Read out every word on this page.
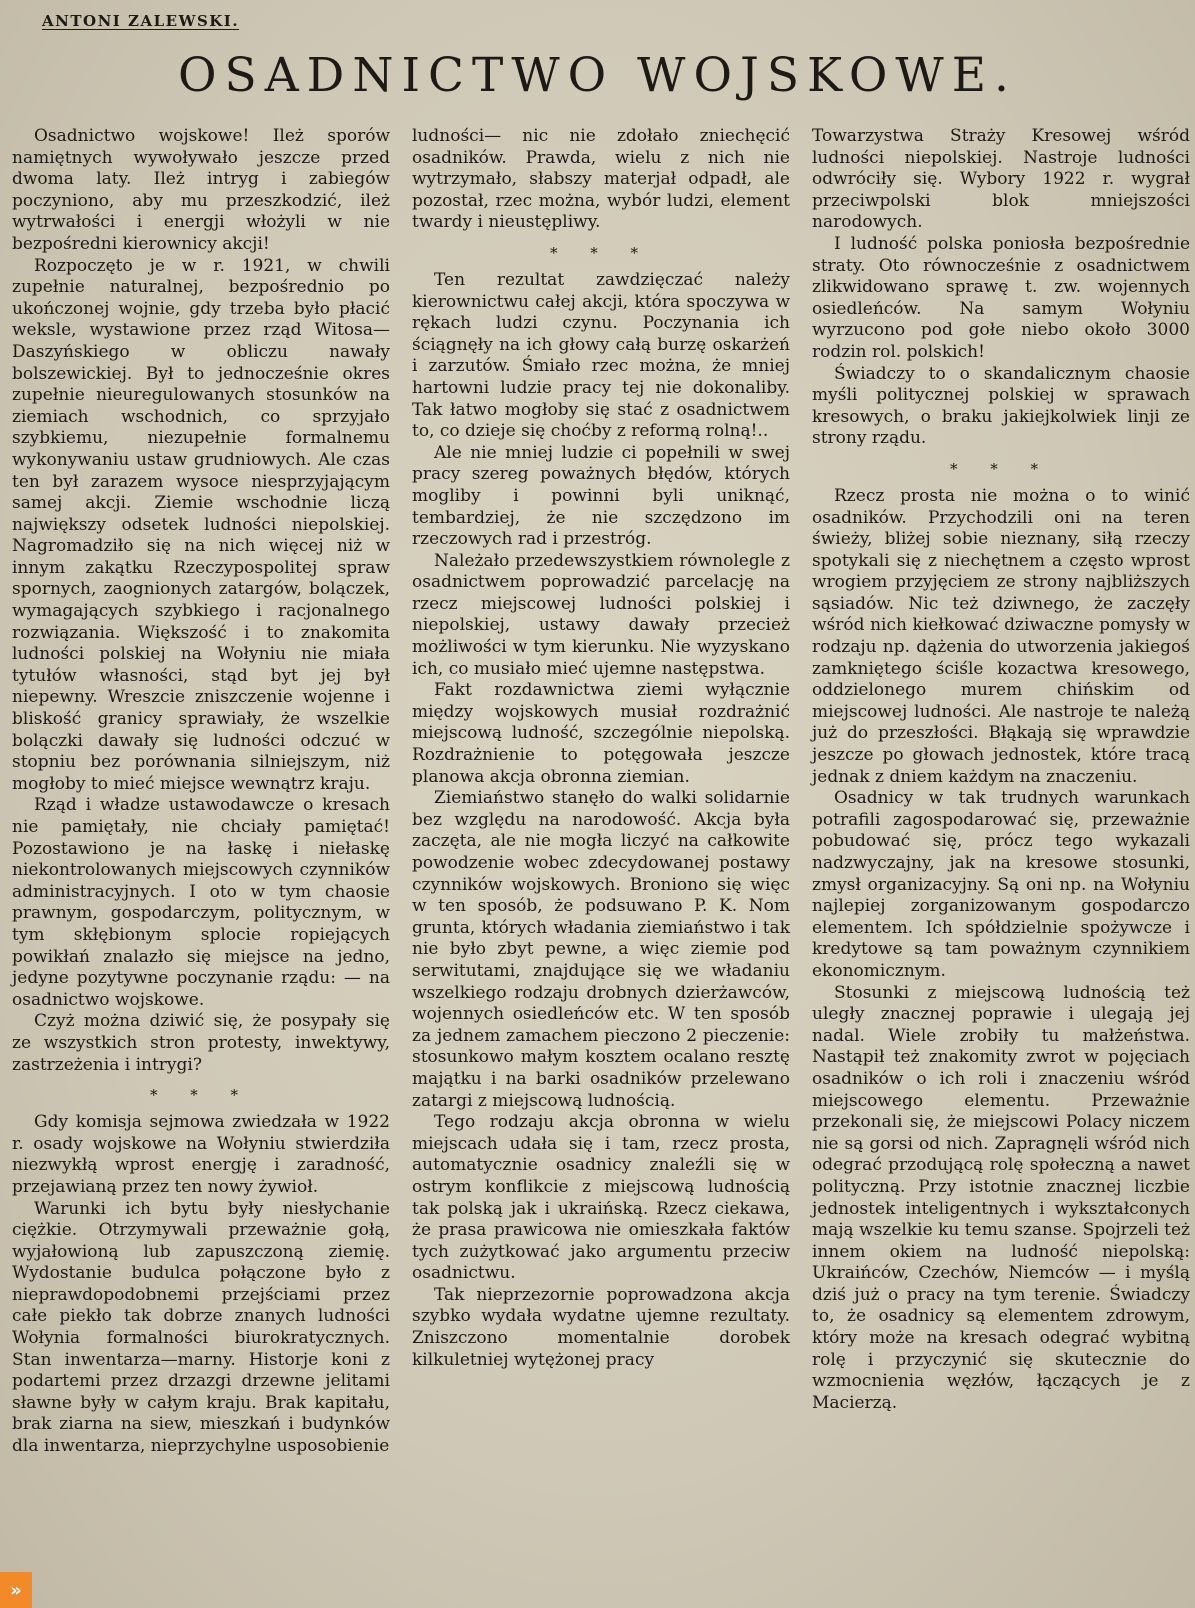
ANTONI ZALEWSKI.
OSADNICTWO WOJSKOWE.

Osadnictwo wojskowe! Ileż sporów namiętnych wywoływało jeszcze przed dwoma laty. Ileż intryg i zabiegów poczyniono, aby mu przeszkodzić, ileż wytrwałości i energji włożyli w nie bezpośredni kierownicy akcji!

Rozpoczęto je w r. 1921, w chwili zupełnie naturalnej, bezpośrednio po ukończonej wojnie, gdy trzeba było płacić weksle, wystawione przez rząd Witosa—Daszyńskiego w obliczu nawały bolszewickiej. Był to jednocześnie okres zupełnie nieuregulowanych stosunków na ziemiach wschodnich, co sprzyjało szybkiemu, niezupełnie formalnemu wykonywaniu ustaw grudniowych. Ale czas ten był zarazem wysoce niesprzyjającym samej akcji. Ziemie wschodnie liczą największy odsetek ludności niepolskiej. Nagromadziło się na nich więcej niż w innym zakątku Rzeczypospolitej spraw spornych, zaognionych zatargów, bolączek, wymagających szybkiego i racjonalnego rozwiązania. Większość i to znakomita ludności polskiej na Wołyniu nie miała tytułów własności, stąd byt jej był niepewny. Wreszcie zniszczenie wojenne i bliskość granicy sprawiały, że wszelkie bolączki dawały się ludności odczuć w stopniu bez porównania silniejszym, niż mogłoby to mieć miejsce wewnątrz kraju.

Rząd i władze ustawodawcze o kresach nie pamiętały, nie chciały pamiętać! Pozostawiono je na łaskę i niełaskę niekontrolowanych miejscowych czynników administracyjnych. I oto w tym chaosie prawnym, gospodarczym, politycznym, w tym skłębionym splocie ropiejących powikłań znalazło się miejsce na jedno, jedyne pozytywne poczynanie rządu: — na osadnictwo wojskowe.

Czyż można dziwić się, że posypały się ze wszystkich stron protesty, inwektywy, zastrzeżenia i intrygi?

* * *

Gdy komisja sejmowa zwiedzała w 1922 r. osady wojskowe na Wołyniu stwierdziła niezwykłą wprost energję i zaradność, przejawianą przez ten nowy żywioł.

Warunki ich bytu były niesłychanie ciężkie. Otrzymywali przeważnie gołą, wyjałowioną lub zapuszczoną ziemię. Wydostanie budulca połączone było z nieprawdopodobnemi przejściami przez całe piekło tak dobrze znanych ludności Wołynia formalności biurokratycznych. Stan inwentarza—marny. Historje koni z podartemi przez drzazgi drzewne jelitami sławne były w całym kraju. Brak kapitału, brak ziarna na siew, mieszkań i budynków dla inwentarza, nieprzychylne usposobienie

ludności— nic nie zdołało zniechęcić osadników. Prawda, wielu z nich nie wytrzymało, słabszy materjał odpadł, ale pozostał, rzec można, wybór ludzi, element twardy i nieustępliwy.

* * *

Ten rezultat zawdzięczać należy kierownictwu całej akcji, która spoczywa w rękach ludzi czynu. Poczynania ich ściągnęły na ich głowy całą burzę oskarżeń i zarzutów. Śmiało rzec można, że mniej hartowni ludzie pracy tej nie dokonaliby. Tak łatwo mogłoby się stać z osadnictwem to, co dzieje się choćby z reformą rolną!..

Ale nie mniej ludzie ci popełnili w swej pracy szereg poważnych błędów, których mogliby i powinni byli uniknąć, tembardziej, że nie szczędzono im rzeczowych rad i przestróg.

Należało przedewszystkiem równolegle z osadnictwem poprowadzić parcelację na rzecz miejscowej ludności polskiej i niepolskiej, ustawy dawały przecież możliwości w tym kierunku. Nie wyzyskano ich, co musiało mieć ujemne następstwa.

Fakt rozdawnictwa ziemi wyłącznie między wojskowych musiał rozdrażnić miejscową ludność, szczególnie niepolską. Rozdrażnienie to potęgowała jeszcze planowa akcja obronna ziemian.

Ziemiaństwo stanęło do walki solidarnie bez względu na narodowość. Akcja była zaczęta, ale nie mogła liczyć na całkowite powodzenie wobec zdecydowanej postawy czynników wojskowych. Broniono się więc w ten sposób, że podsuwano P. K. Nom grunta, których władania ziemiaństwo i tak nie było zbyt pewne, a więc ziemie pod serwitutami, znajdujące się we władaniu wszelkiego rodzaju drobnych dzierżawców, wojennych osiedleńców etc. W ten sposób za jednem zamachem pieczono 2 pieczenie: stosunkowo małym kosztem ocalano resztę majątku i na barki osadników przelewano zatargi z miejscową ludnością.

Tego rodzaju akcja obronna w wielu miejscach udała się i tam, rzecz prosta, automatycznie osadnicy znaleźli się w ostrym konflikcie z miejscową ludnością tak polską jak i ukraińską. Rzecz ciekawa, że prasa prawicowa nie omieszkała faktów tych zużytkować jako argumentu przeciw osadnictwu.

Tak nieprzezornie poprowadzona akcja szybko wydała wydatne ujemne rezultaty. Zniszczono momentalnie dorobek kilkuletniej wytężonej pracy

Towarzystwa Straży Kresowej wśród ludności niepolskiej. Nastroje ludności odwróciły się. Wybory 1922 r. wygrał przeciwpolski blok mniejszości narodowych.

I ludność polska poniosła bezpośrednie straty. Oto równocześnie z osadnictwem zlikwidowano sprawę t. zw. wojennych osiedleńców. Na samym Wołyniu wyrzucono pod gołe niebo około 3000 rodzin rol. polskich!

Świadczy to o skandalicznym chaosie myśli politycznej polskiej w sprawach kresowych, o braku jakiejkolwiek linji ze strony rządu.

* * *

Rzecz prosta nie można o to winić osadników. Przychodzili oni na teren świeży, bliżej sobie nieznany, siłą rzeczy spotykali się z niechętnem a często wprost wrogiem przyjęciem ze strony najbliższych sąsiadów. Nic też dziwnego, że zaczęły wśród nich kiełkować dziwaczne pomysły w rodzaju np. dążenia do utworzenia jakiegoś zamkniętego ściśle kozactwa kresowego, oddzielonego murem chińskim od miejscowej ludności. Ale nastroje te należą już do przeszłości. Błąkają się wprawdzie jeszcze po głowach jednostek, które tracą jednak z dniem każdym na znaczeniu.

Osadnicy w tak trudnych warunkach potrafili zagospodarować się, przeważnie pobudować się, prócz tego wykazali nadzwyczajny, jak na kresowe stosunki, zmysł organizacyjny. Są oni np. na Wołyniu najlepiej zorganizowanym gospodarczo elementem. Ich spółdzielnie spożywcze i kredytowe są tam poważnym czynnikiem ekonomicznym.

Stosunki z miejscową ludnością też uległy znacznej poprawie i ulegają jej nadal. Wiele zrobiły tu małżeństwa. Nastąpił też znakomity zwrot w pojęciach osadników o ich roli i znaczeniu wśród miejscowego elementu. Przeważnie przekonali się, że miejscowi Polacy niczem nie są gorsi od nich. Zapragnęli wśród nich odegrać przodującą rolę społeczną a nawet polityczną. Przy istotnie znacznej liczbie jednostek inteligentnych i wykształconych mają wszelkie ku temu szanse. Spojrzeli też innem okiem na ludność niepolską: Ukraińców, Czechów, Niemców — i myślą dziś już o pracy na tym terenie. Świadczy to, że osadnicy są elementem zdrowym, który może na kresach odegrać wybitną rolę i przyczynić się skutecznie do wzmocnienia węzłów, łączących je z Macierzą.

»
